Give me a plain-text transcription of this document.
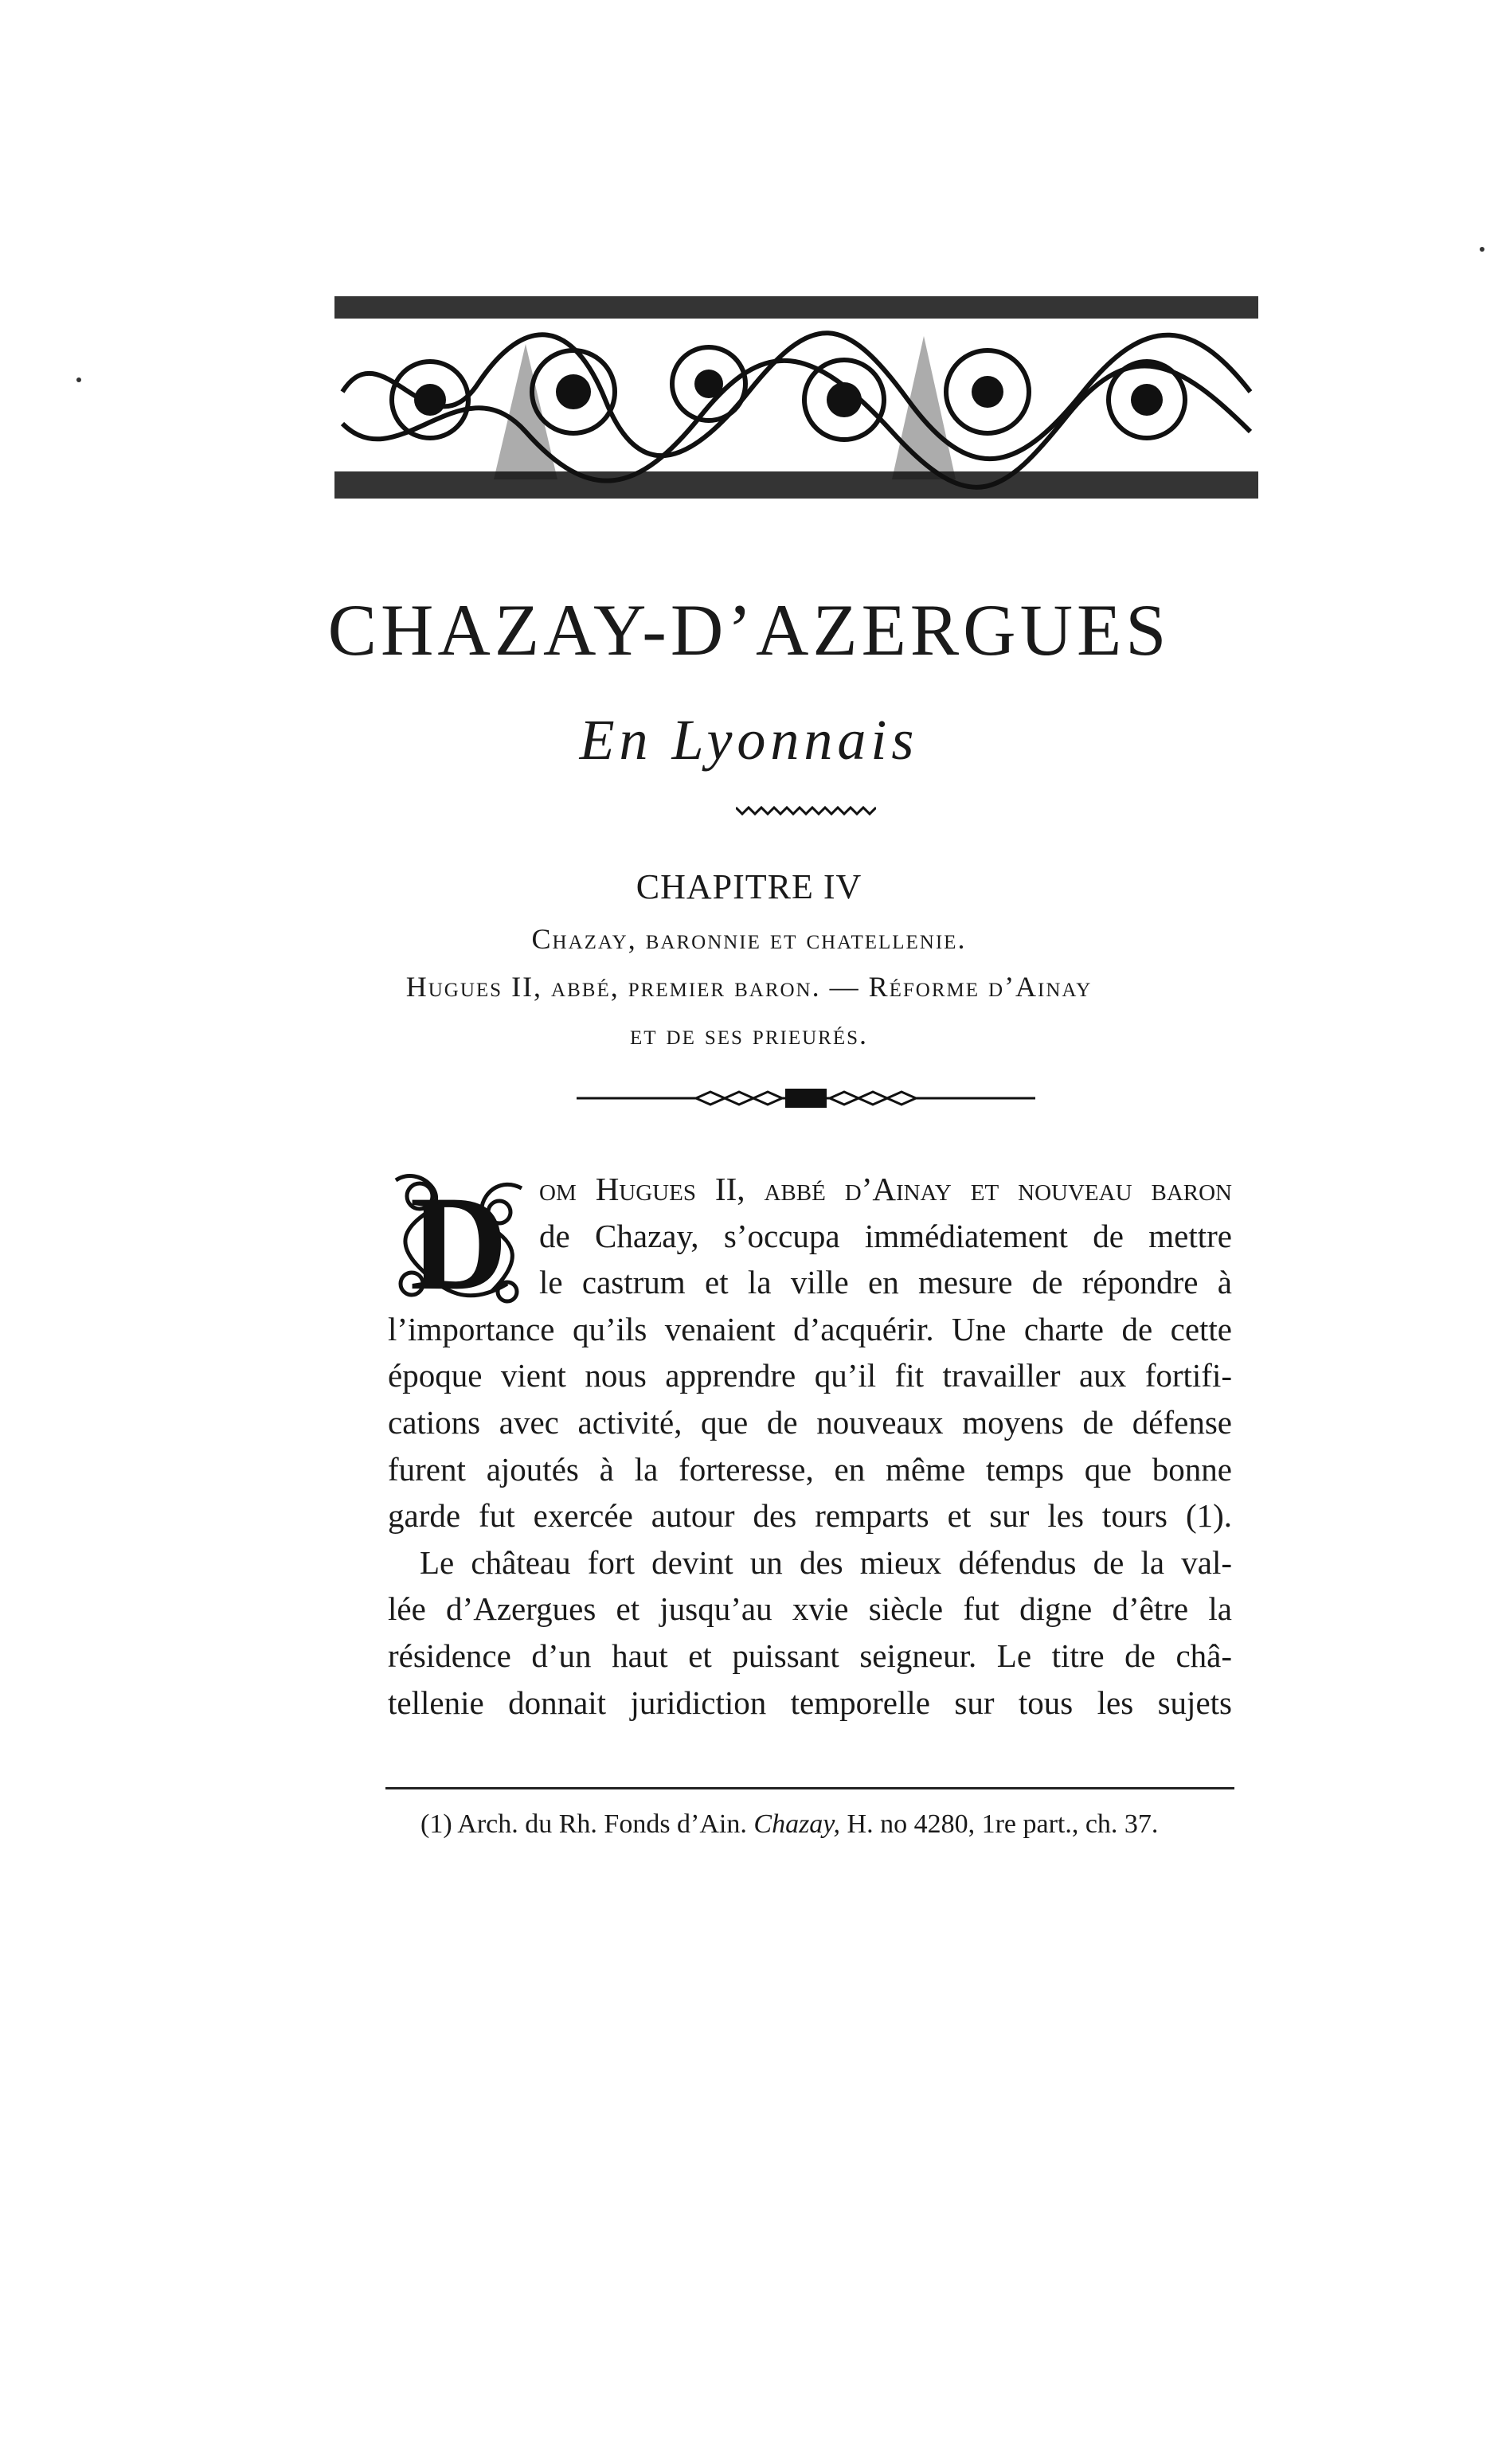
CHAZAY-D’AZERGUES
En Lyonnais
CHAPITRE IV
Chazay, baronnie et chatellenie.
Hugues II, abbé, premier baron. — Réforme d’Ainay
et de ses prieurés.
D om Hugues II, abbé d’Ainay et nouveau baron
de Chazay, s’occupa immédiatement de mettre
le castrum et la ville en mesure de répondre à
l’importance qu’ils venaient d’acquérir. Une charte de cette
époque vient nous apprendre qu’il fit travailler aux fortifi-
cations avec activité, que de nouveaux moyens de défense
furent ajoutés à la forteresse, en même temps que bonne
garde fut exercée autour des remparts et sur les tours (1).
Le château fort devint un des mieux défendus de la val-
lée d’Azergues et jusqu’au xvie siècle fut digne d’être la
résidence d’un haut et puissant seigneur. Le titre de châ-
tellenie donnait juridiction temporelle sur tous les sujets
(1) Arch. du Rh. Fonds d’Ain. Chazay, H. no 4280, 1re part., ch. 37.
